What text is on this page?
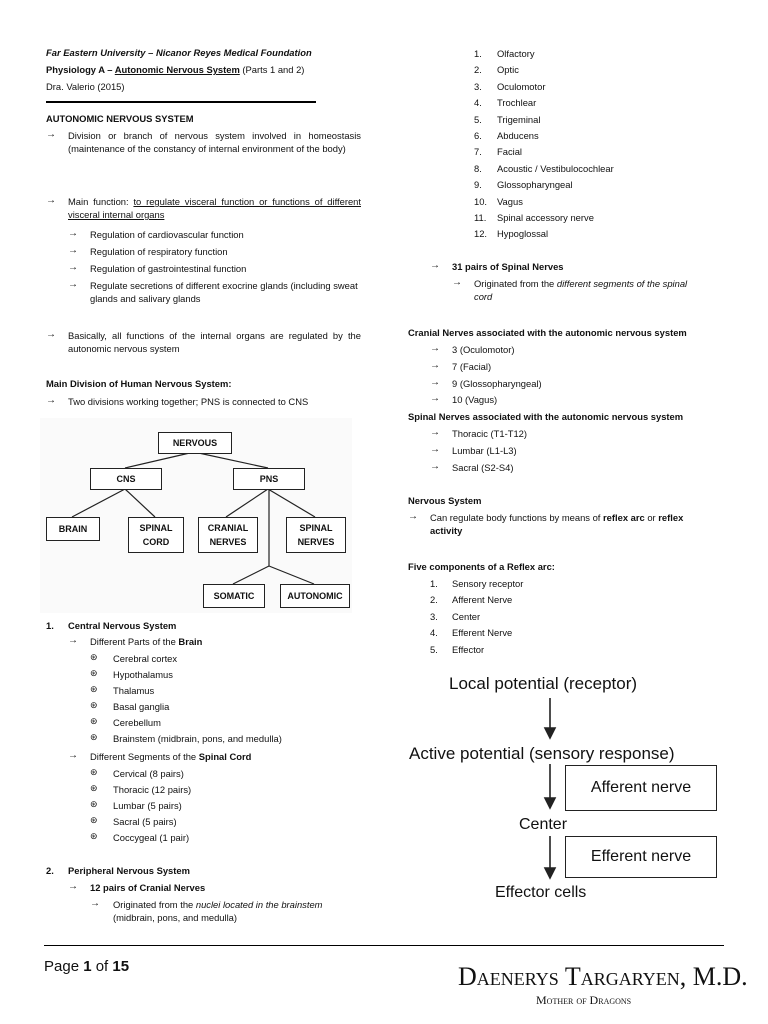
Far Eastern University – Nicanor Reyes Medical Foundation
Physiology A – Autonomic Nervous System (Parts 1 and 2)
Dra. Valerio (2015)
AUTONOMIC NERVOUS SYSTEM
→ Division or branch of nervous system involved in homeostasis (maintenance of the constancy of internal environment of the body)
→ Main function: to regulate visceral function or functions of different visceral internal organs
→ Regulation of cardiovascular function
→ Regulation of respiratory function
→ Regulation of gastrointestinal function
→ Regulate secretions of different exocrine glands (including sweat glands and salivary glands
→ Basically, all functions of the internal organs are regulated by the autonomic nervous system
Main Division of Human Nervous System:
→ Two divisions working together; PNS is connected to CNS
NERVOUS
CNS	PNS
BRAIN	SPINAL
CORD
CRANIAL
NERVES
SPINAL
NERVES
SOMATIC	AUTONOMIC
1. Central Nervous System
→ Different Parts of the Brain
⊛ Cerebral cortex
⊛ Hypothalamus
⊛ Thalamus
⊛ Basal ganglia
⊛ Cerebellum
⊛ Brainstem (midbrain, pons, and medulla)
→ Different Segments of the Spinal Cord
⊛ Cervical (8 pairs)
⊛ Thoracic (12 pairs)
⊛ Lumbar (5 pairs)
⊛ Sacral (5 pairs)
⊛ Coccygeal (1 pair)
2. Peripheral Nervous System
→ 12 pairs of Cranial Nerves
→ Originated from the nuclei located in the brainstem
(midbrain, pons, and medulla)
1. Olfactory
2. Optic
3. Oculomotor
4. Trochlear
5. Trigeminal
6. Abducens
7. Facial
8. Acoustic / Vestibulocochlear
9. Glossopharyngeal
10. Vagus
11. Spinal accessory nerve
12. Hypoglossal
→ 31 pairs of Spinal Nerves
→ Originated from the different segments of the spinal
cord
Cranial Nerves associated with the autonomic nervous system
→ 3 (Oculomotor)
→ 7 (Facial)
→ 9 (Glossopharyngeal)
→ 10 (Vagus)
Spinal Nerves associated with the autonomic nervous system
→ Thoracic (T1-T12)
→ Lumbar (L1-L3)
→ Sacral (S2-S4)
Nervous System
→ Can regulate body functions by means of reflex arc or reflex
activity
Five components of a Reflex arc:
1. Sensory receptor
2. Afferent Nerve
3. Center
4. Efferent Nerve
5. Effector
Local potential (receptor)
Active potential (sensory response)
Afferent nerve
Center
Efferent nerve
Effector cells
Page 1 of 15	Daenerys Targaryen, M.D.
Mother of Dragons
